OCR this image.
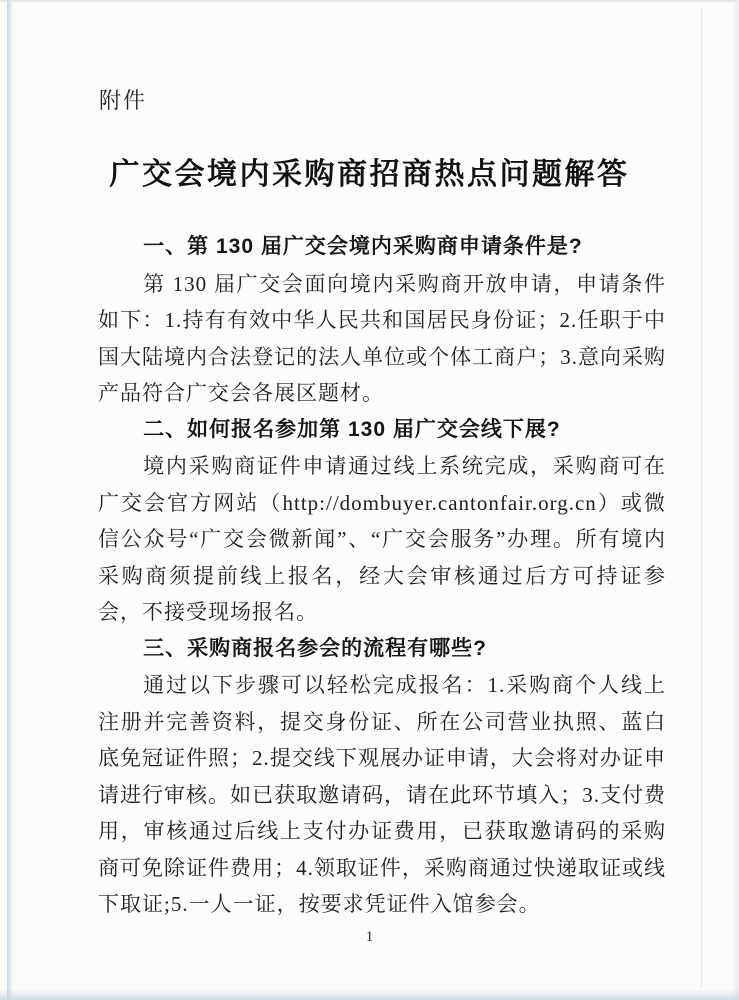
附件
广交会境内采购商招商热点问题解答
一、第 130 届广交会境内采购商申请条件是?

第 130 届广交会面向境内采购商开放申请，申请条件如下：1.持有有效中华人民共和国居民身份证；2.任职于中国大陆境内合法登记的法人单位或个体工商户；3.意向采购产品符合广交会各展区题材。

二、如何报名参加第 130 届广交会线下展?

境内采购商证件申请通过线上系统完成，采购商可在广交会官方网站（http://dombuyer.cantonfair.org.cn）或微信公众号“广交会微新闻”、“广交会服务”办理。所有境内采购商须提前线上报名，经大会审核通过后方可持证参会，不接受现场报名。

三、采购商报名参会的流程有哪些?

通过以下步骤可以轻松完成报名：1.采购商个人线上注册并完善资料，提交身份证、所在公司营业执照、蓝白底免冠证件照；2.提交线下观展办证申请，大会将对办证申请进行审核。如已获取邀请码，请在此环节填入；3.支付费用，审核通过后线上支付办证费用，已获取邀请码的采购商可免除证件费用；4.领取证件，采购商通过快递取证或线下取证;5.一人一证，按要求凭证件入馆参会。

1
